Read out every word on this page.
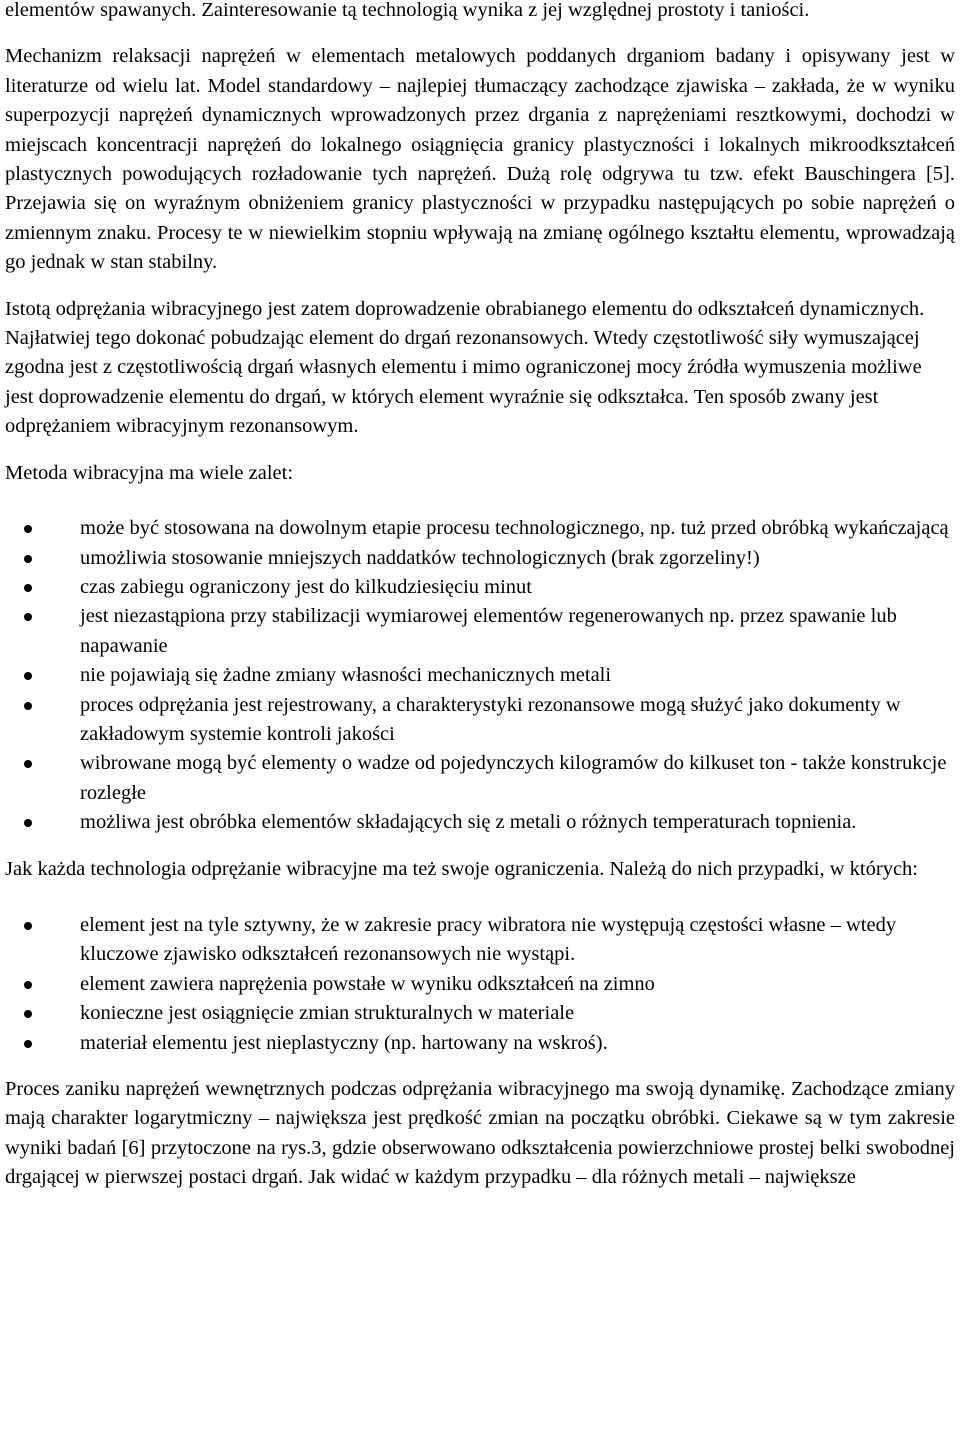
elementów spawanych. Zainteresowanie tą technologią wynika z jej względnej prostoty i taniości.

Mechanizm relaksacji naprężeń w elementach metalowych poddanych drganiom badany i opisywany jest w literaturze od wielu lat. Model standardowy – najlepiej tłumaczący zachodzące zjawiska – zakłada, że w wyniku superpozycji naprężeń dynamicznych wprowadzonych przez drgania z naprężeniami resztkowymi, dochodzi w miejscach koncentracji naprężeń do lokalnego osiągnięcia granicy plastyczności i lokalnych mikroodkształceń plastycznych powodujących rozładowanie tych naprężeń. Dużą rolę odgrywa tu tzw. efekt Bauschingera [5]. Przejawia się on wyraźnym obniżeniem granicy plastyczności w przypadku następujących po sobie naprężeń o zmiennym znaku. Procesy te w niewielkim stopniu wpływają na zmianę ogólnego kształtu elementu, wprowadzają go jednak w stan stabilny.

Istotą odprężania wibracyjnego jest zatem doprowadzenie obrabianego elementu do odkształceń dynamicznych. Najłatwiej tego dokonać pobudzając element do drgań rezonansowych. Wtedy częstotliwość siły wymuszającej zgodna jest z częstotliwością drgań własnych elementu i mimo ograniczonej mocy źródła wymuszenia możliwe jest doprowadzenie elementu do drgań, w których element wyraźnie się odkształca. Ten sposób zwany jest odprężaniem wibracyjnym rezonansowym.

Metoda wibracyjna ma wiele zalet:

może być stosowana na dowolnym etapie procesu technologicznego, np. tuż przed obróbką wykańczającą
umożliwia stosowanie mniejszych naddatków technologicznych (brak zgorzeliny!)
czas zabiegu ograniczony jest do kilkudziesięciu minut
jest niezastąpiona przy stabilizacji wymiarowej elementów regenerowanych np. przez spawanie lub napawanie
nie pojawiają się żadne zmiany własności mechanicznych metali
proces odprężania jest rejestrowany, a charakterystyki rezonansowe mogą służyć jako dokumenty w zakładowym systemie kontroli jakości
wibrowane mogą być elementy o wadze od pojedynczych kilogramów do kilkuset ton - także konstrukcje rozległe
możliwa jest obróbka elementów składających się z metali o różnych temperaturach topnienia.

Jak każda technologia odprężanie wibracyjne ma też swoje ograniczenia. Należą do nich przypadki, w których:

element jest na tyle sztywny, że w zakresie pracy wibratora nie występują częstości własne – wtedy kluczowe zjawisko odkształceń rezonansowych nie wystąpi.
element zawiera naprężenia powstałe w wyniku odkształceń na zimno
konieczne jest osiągnięcie zmian strukturalnych w materiale
materiał elementu jest nieplastyczny (np. hartowany na wskroś).

Proces zaniku naprężeń wewnętrznych podczas odprężania wibracyjnego ma swoją dynamikę. Zachodzące zmiany mają charakter logarytmiczny – największa jest prędkość zmian na początku obróbki. Ciekawe są w tym zakresie wyniki badań [6] przytoczone na rys.3, gdzie obserwowano odkształcenia powierzchniowe prostej belki swobodnej drgającej w pierwszej postaci drgań. Jak widać w każdym przypadku – dla różnych metali – największe
